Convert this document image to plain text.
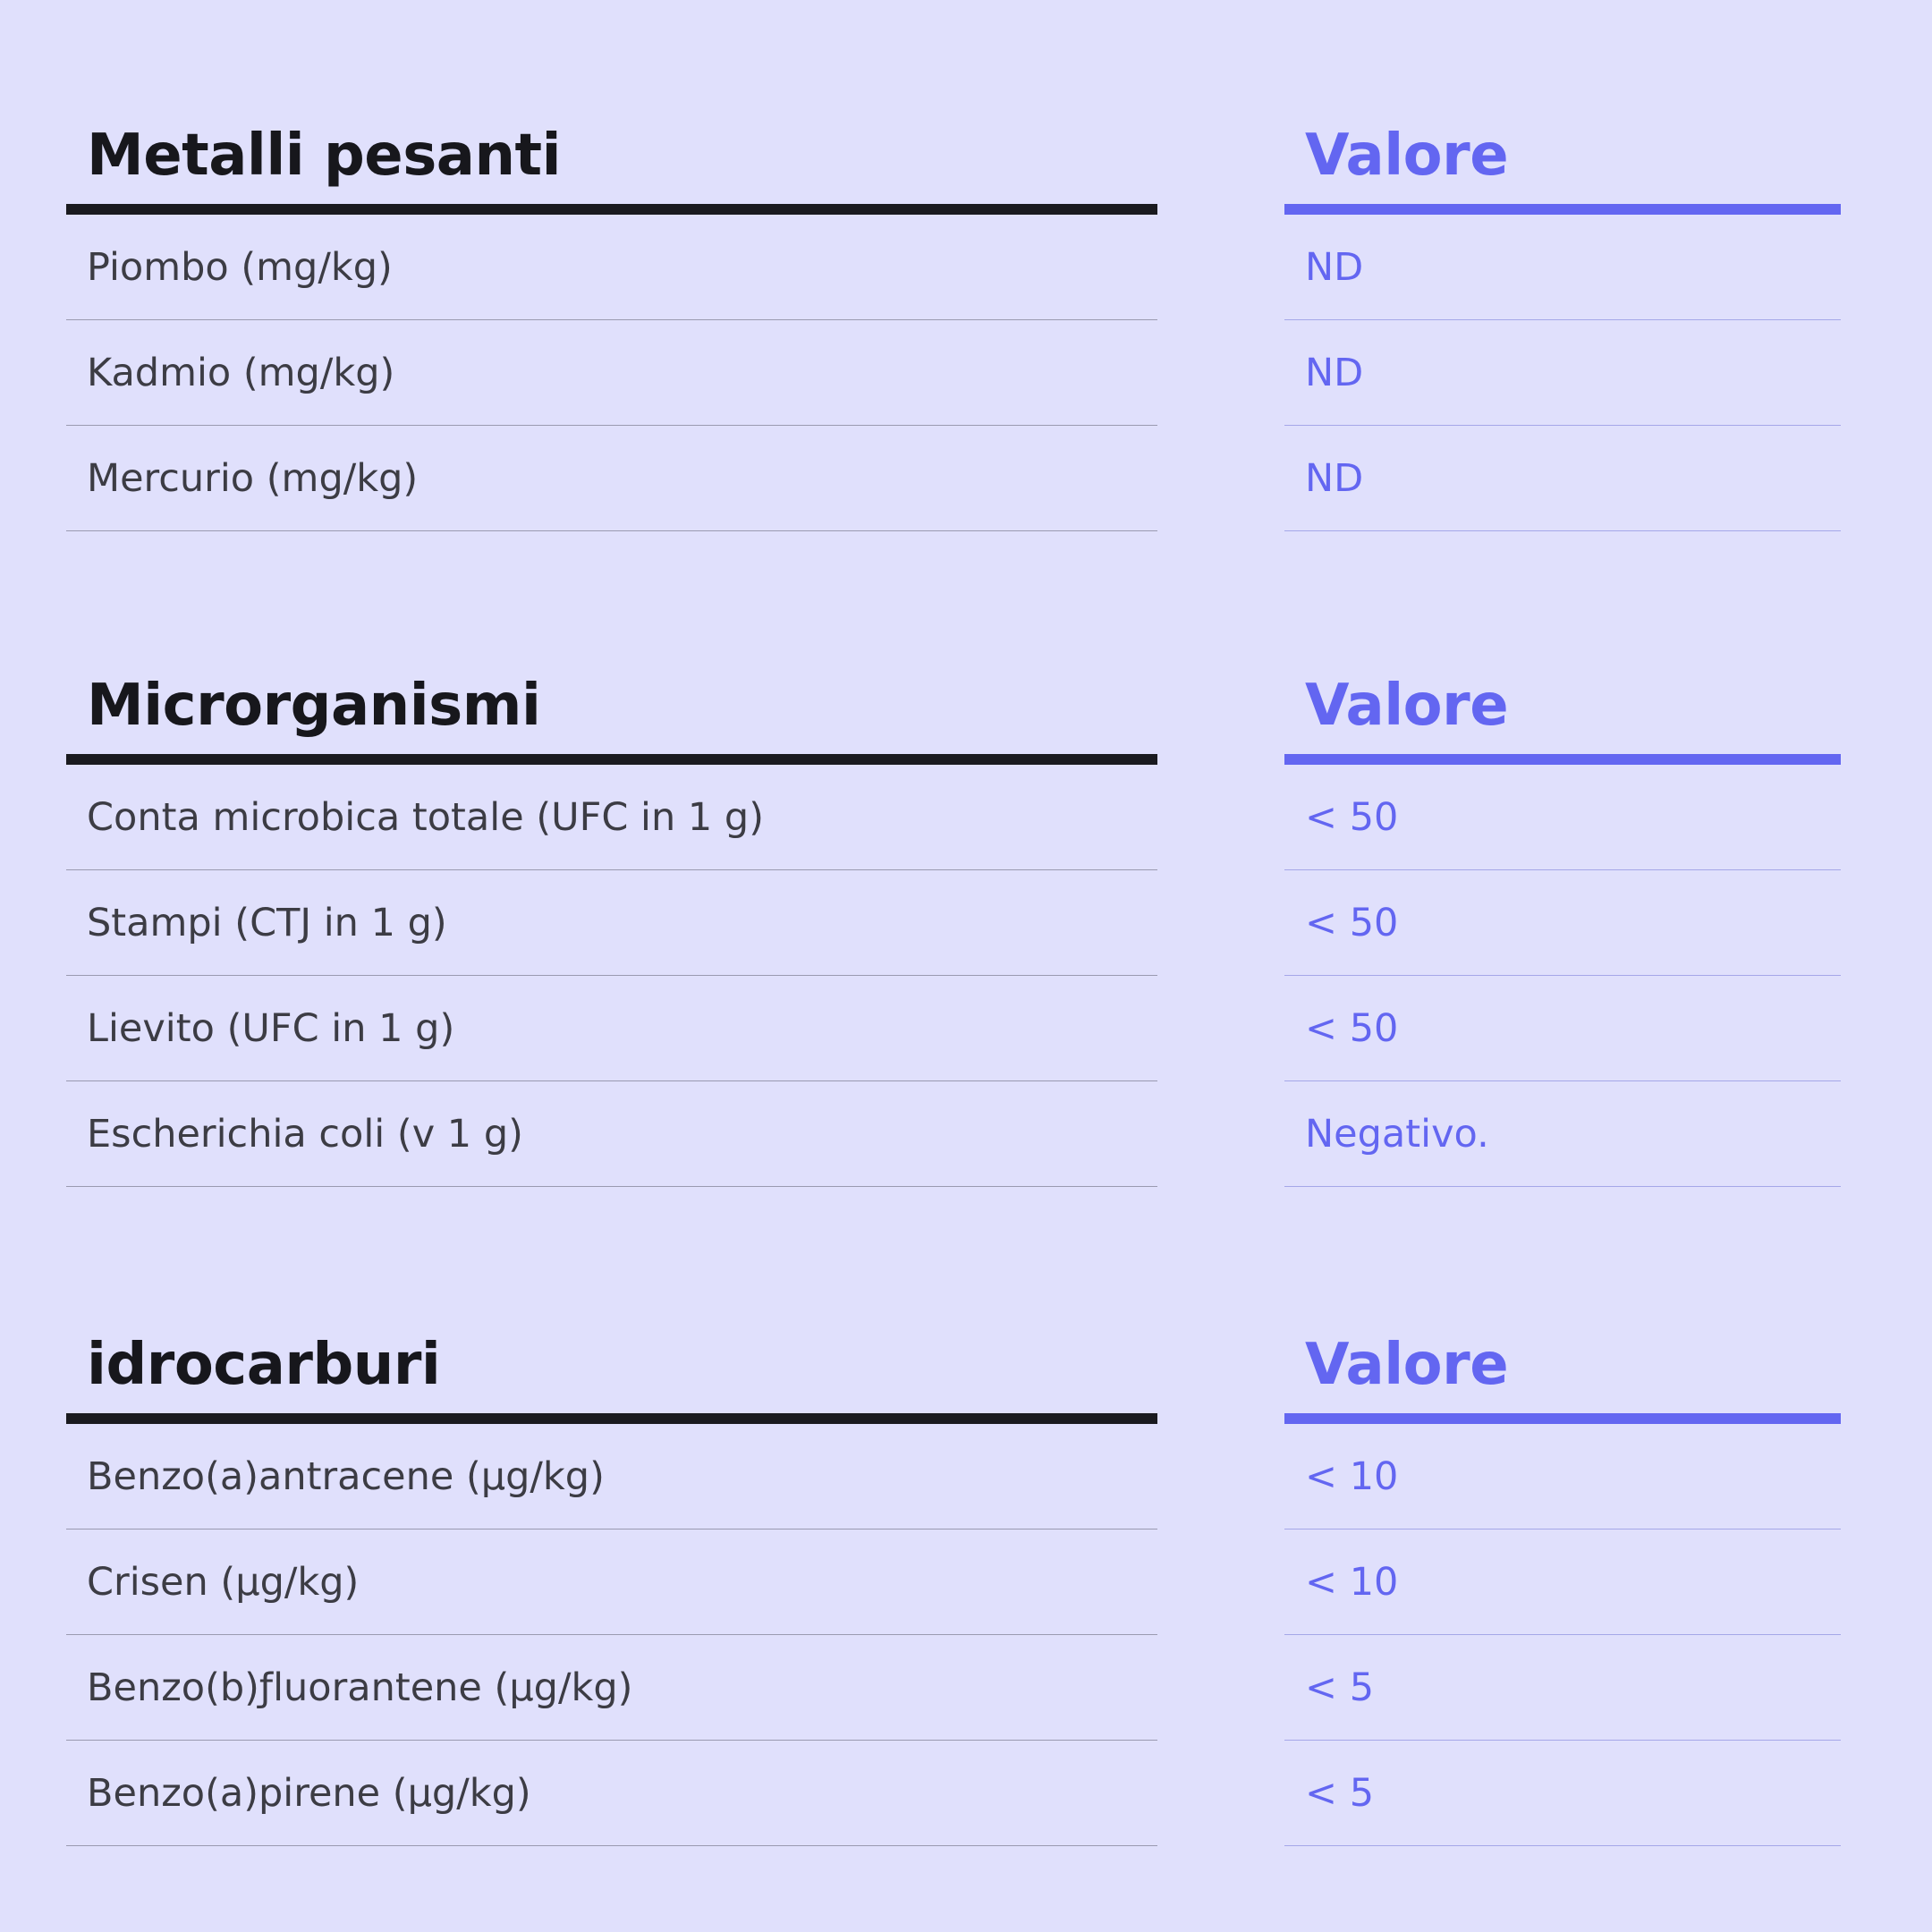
Metalli pesanti
Piombo (mg/kg)
Kadmio (mg/kg)
Mercurio (mg/kg)
Valore
ND
ND
ND
Microrganismi
Conta microbica totale (UFC in 1 g)
Stampi (CTJ in 1 g)
Lievito (UFC in 1 g)
Escherichia coli (v 1 g)
Valore
< 50
< 50
< 50
Negativo.
idrocarburi
Benzo(a)antracene (µg/kg)
Crisen (µg/kg)
Benzo(b)ƒluorantene (µg/kg)
Benzo(a)pirene (µg/kg)
Valore
< 10
< 10
< 5
< 5
